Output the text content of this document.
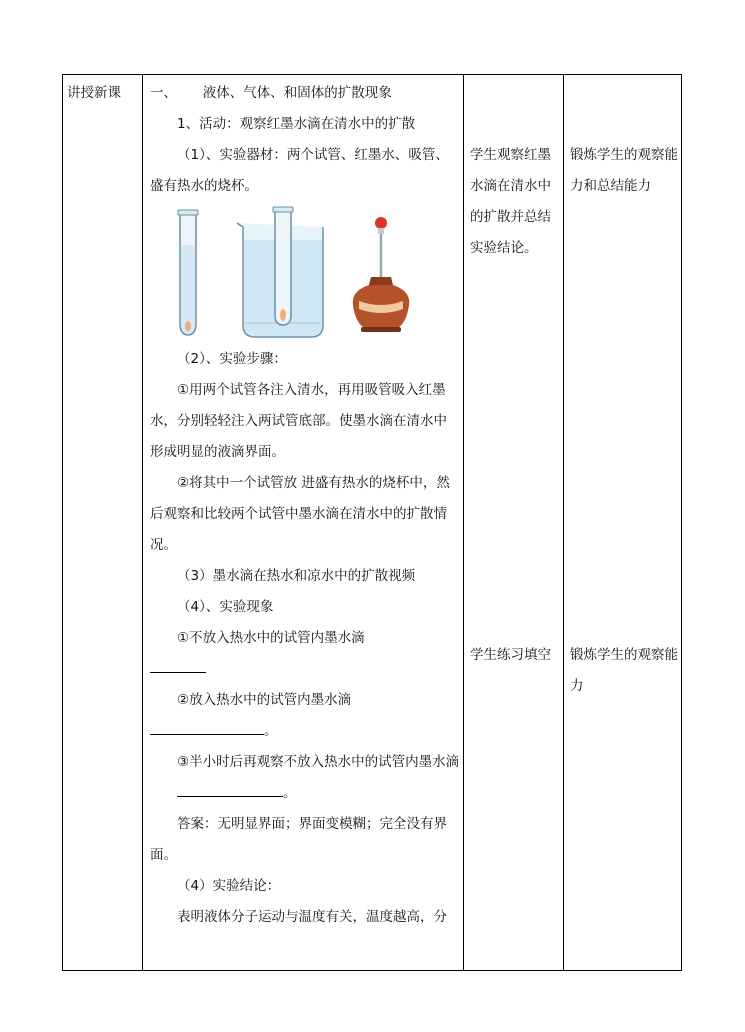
讲授新课 一、      液体、气体、和固体的扩散现象

1、活动：观察红墨水滴在清水中的扩散

（1）、实验器材：两个试管、红墨水、吸管、盛有热水的烧杯。

（2）、实验步骤：

①用两个试管各注入清水，再用吸管吸入红墨水，分别轻轻注入两试管底部。使墨水滴在清水中形成明显的液滴界面。

②将其中一个试管放 进盛有热水的烧杯中，然后观察和比较两个试管中墨水滴在清水中的扩散情况。

（3）墨水滴在热水和凉水中的扩散视频

（4）、实验现象

①不放入热水中的试管内墨水滴

②放入热水中的试管内墨水滴

。

③半小时后再观察不放入热水中的试管内墨水滴

。

答案：无明显界面；界面变模糊；完全没有界面。

（4）实验结论：

表明液体分子运动与温度有关，温度越高，分

学生观察红墨水滴在清水中的扩散并总结实验结论。
锻炼学生的观察能力和总结能力
学生练习填空	锻炼学生的观察能力
